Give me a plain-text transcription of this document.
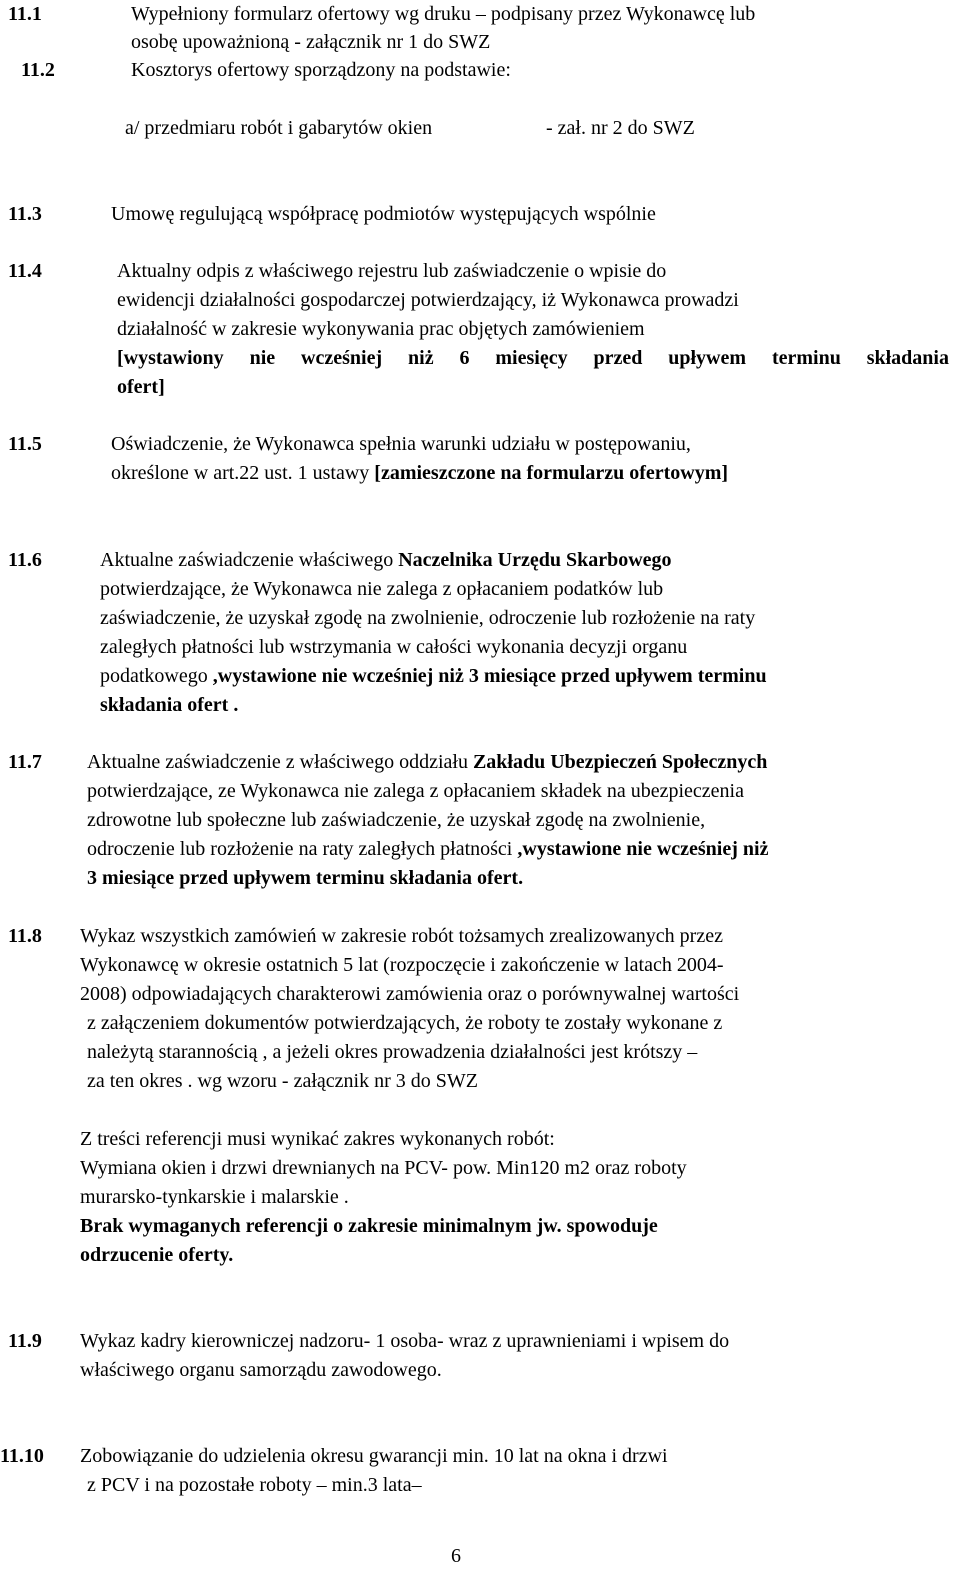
11.1	Wypełniony formularz ofertowy wg druku – podpisany przez Wykonawcę lub
osobę upoważnioną - załącznik nr 1 do SWZ
11.2	Kosztorys ofertowy sporządzony na podstawie:
a/ przedmiaru robót i gabarytów okien	- zał. nr 2 do SWZ
11.3	Umowę regulującą współpracę podmiotów występujących wspólnie
11.4	Aktualny odpis z właściwego rejestru lub zaświadczenie o wpisie do
ewidencji działalności gospodarczej potwierdzający, iż Wykonawca prowadzi
działalność w zakresie wykonywania prac objętych zamówieniem
[wystawiony nie wcześniej niż 6 miesięcy przed upływem terminu składania
ofert]
11.5	Oświadczenie, że Wykonawca spełnia warunki udziału w postępowaniu,
określone w art.22 ust. 1 ustawy [zamieszczone na formularzu ofertowym]
11.6	Aktualne zaświadczenie właściwego Naczelnika Urzędu Skarbowego
potwierdzające, że Wykonawca nie zalega z opłacaniem podatków lub
zaświadczenie, że uzyskał zgodę na zwolnienie, odroczenie lub rozłożenie na raty
zaległych płatności lub wstrzymania w całości wykonania decyzji organu
podatkowego ,wystawione nie wcześniej niż 3 miesiące przed upływem terminu
składania ofert .
11.7 Aktualne zaświadczenie z właściwego oddziału Zakładu Ubezpieczeń Społecznych
potwierdzające, ze Wykonawca nie zalega z opłacaniem składek na ubezpieczenia
zdrowotne lub społeczne lub zaświadczenie, że uzyskał zgodę na zwolnienie,
odroczenie lub rozłożenie na raty zaległych płatności ,wystawione nie wcześniej niż
3 miesiące przed upływem terminu składania ofert.
11.8 Wykaz wszystkich zamówień w zakresie robót tożsamych zrealizowanych przez
Wykonawcę w okresie ostatnich 5 lat (rozpoczęcie i zakończenie w latach 2004-
2008) odpowiadających charakterowi zamówienia oraz o porównywalnej wartości
z załączeniem dokumentów potwierdzających, że roboty te zostały wykonane z
należytą starannością , a jeżeli okres prowadzenia działalności jest krótszy –
za ten okres . wg wzoru - załącznik nr 3 do SWZ
Z treści referencji musi wynikać zakres wykonanych robót:
Wymiana okien i drzwi drewnianych na PCV- pow. Min120 m2 oraz roboty
murarsko-tynkarskie i malarskie .
Brak wymaganych referencji o zakresie minimalnym jw. spowoduje
odrzucenie oferty.
11.9 Wykaz kadry kierowniczej nadzoru- 1 osoba- wraz z uprawnieniami i wpisem do
właściwego organu samorządu zawodowego.
11.10 Zobowiązanie do udzielenia okresu gwarancji min. 10 lat na okna i drzwi
z PCV i na pozostałe roboty – min.3 lata–
6
